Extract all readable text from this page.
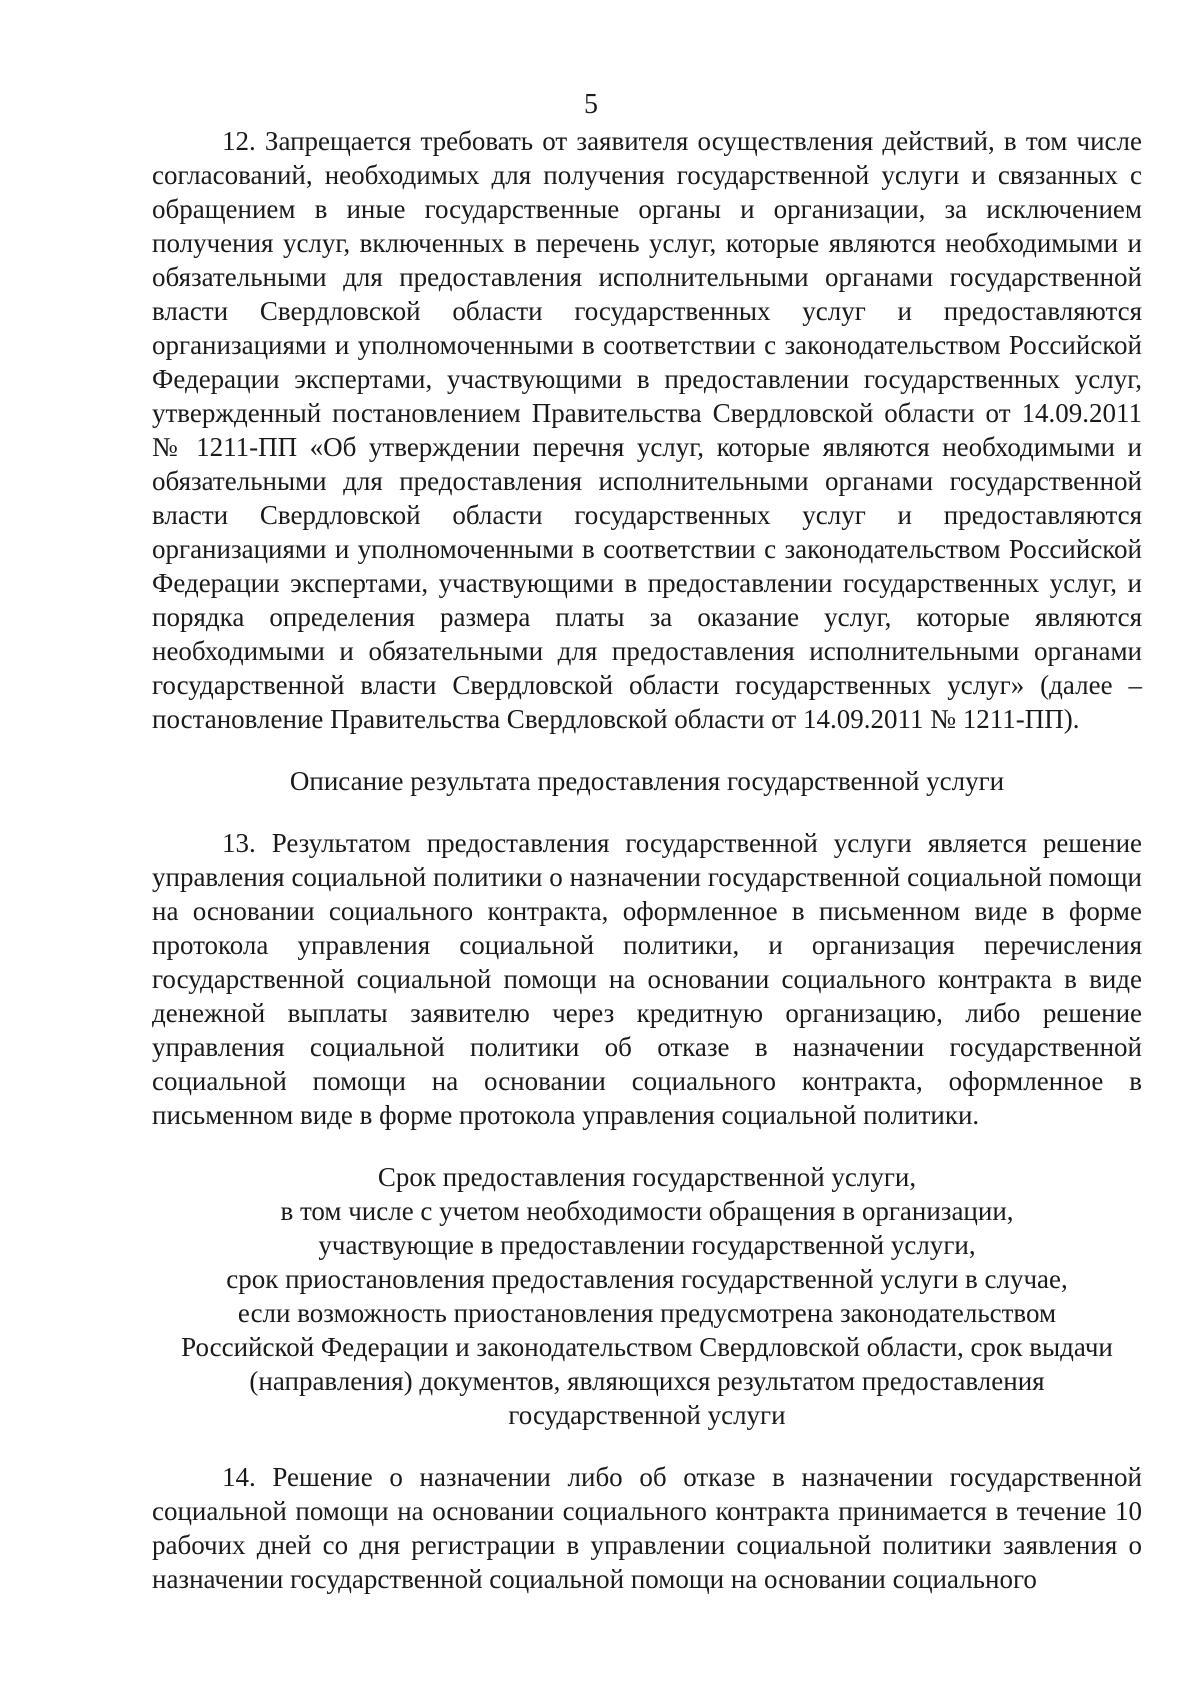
5

12. Запрещается требовать от заявителя осуществления действий, в том числе согласований, необходимых для получения государственной услуги и связанных с обращением в иные государственные органы и организации, за исключением получения услуг, включенных в перечень услуг, которые являются необходимыми и обязательными для предоставления исполнительными органами государственной власти Свердловской области государственных услуг и предоставляются организациями и уполномоченными в соответствии с законодательством Российской Федерации экспертами, участвующими в предоставлении государственных услуг, утвержденный постановлением Правительства Свердловской области от 14.09.2011 № 1211-ПП «Об утверждении перечня услуг, которые являются необходимыми и обязательными для предоставления исполнительными органами государственной власти Свердловской области государственных услуг и предоставляются организациями и уполномоченными в соответствии с законодательством Российской Федерации экспертами, участвующими в предоставлении государственных услуг, и порядка определения размера платы за оказание услуг, которые являются необходимыми и обязательными для предоставления исполнительными органами государственной власти Свердловской области государственных услуг» (далее – постановление Правительства Свердловской области от 14.09.2011 № 1211-ПП).

Описание результата предоставления государственной услуги

13. Результатом предоставления государственной услуги является решение управления социальной политики о назначении государственной социальной помощи на основании социального контракта, оформленное в письменном виде в форме протокола управления социальной политики, и организация перечисления государственной социальной помощи на основании социального контракта в виде денежной выплаты заявителю через кредитную организацию, либо решение управления социальной политики об отказе в назначении государственной социальной помощи на основании социального контракта, оформленное в письменном виде в форме протокола управления социальной политики.

Срок предоставления государственной услуги,

в том числе с учетом необходимости обращения в организации,

участвующие в предоставлении государственной услуги,

срок приостановления предоставления государственной услуги в случае,

если возможность приостановления предусмотрена законодательством

Российской Федерации и законодательством Свердловской области, срок выдачи

(направления) документов, являющихся результатом предоставления

государственной услуги

14. Решение о назначении либо об отказе в назначении государственной социальной помощи на основании социального контракта принимается в течение 10 рабочих дней со дня регистрации в управлении социальной политики заявления о назначении государственной социальной помощи на основании социального
